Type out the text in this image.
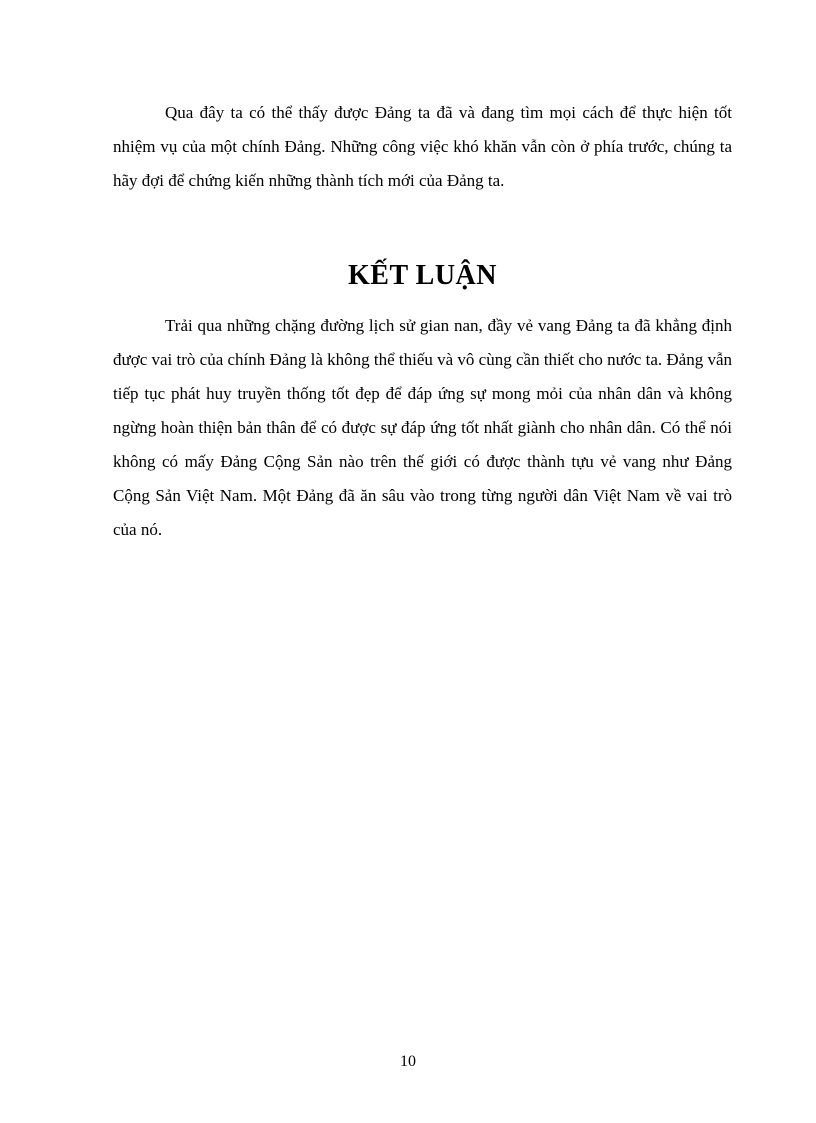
Qua đây ta có thể thấy được Đảng ta đã và đang tìm mọi cách để thực hiện tốt nhiệm vụ của một chính Đảng. Những công việc khó khăn vẫn còn ở phía trước, chúng ta hãy đợi để chứng kiến những thành tích mới của Đảng ta.

KẾT LUẬN

Trải qua những chặng đường lịch sử gian nan, đầy vẻ vang Đảng ta đã khẳng định được vai trò của chính Đảng là không thể thiếu và vô cùng cần thiết cho nước ta. Đảng vẫn tiếp tục phát huy truyền thống tốt đẹp để đáp ứng sự mong mỏi của nhân dân và không ngừng hoàn thiện bản thân để có được sự đáp ứng tốt nhất giành cho nhân dân. Có thể nói không có mấy Đảng Cộng Sản nào trên thế giới có được thành tựu vẻ vang như Đảng Cộng Sản Việt Nam. Một Đảng đã ăn sâu vào trong từng người dân Việt Nam về vai trò của nó.

10
